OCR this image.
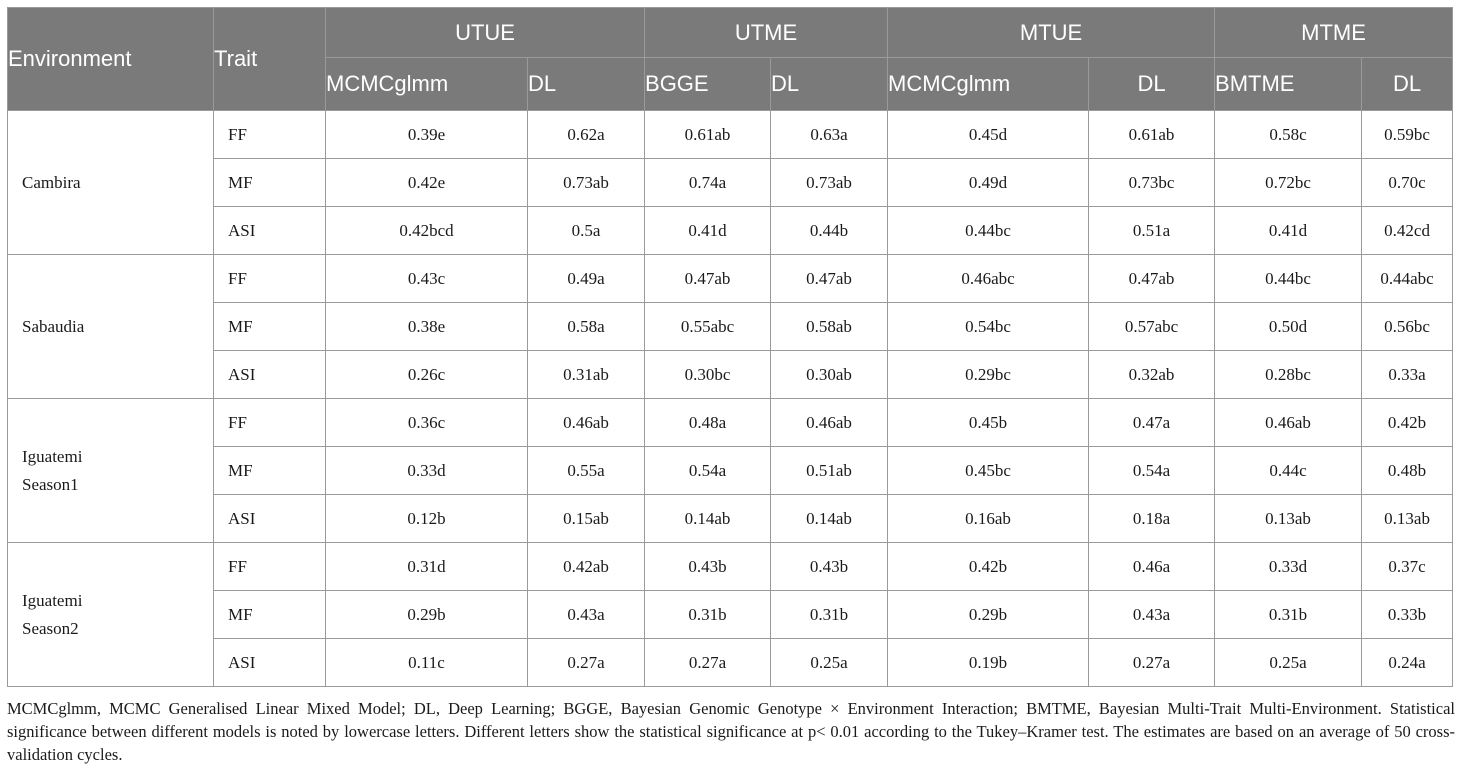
Environment	Trait	UTUE		UTME		MTUE		MTME	
		MCMCglmm	DL	BGGE	DL	MCMCglmm	DL	BMTME	DL
Cambira	FF	0.39e	0.62a	0.61ab	0.63a	0.45d	0.61ab	0.58c	0.59bc
	MF	0.42e	0.73ab	0.74a	0.73ab	0.49d	0.73bc	0.72bc	0.70c
	ASI	0.42bcd	0.5a	0.41d	0.44b	0.44bc	0.51a	0.41d	0.42cd
Sabaudia	FF	0.43c	0.49a	0.47ab	0.47ab	0.46abc	0.47ab	0.44bc	0.44abc
	MF	0.38e	0.58a	0.55abc	0.58ab	0.54bc	0.57abc	0.50d	0.56bc
	ASI	0.26c	0.31ab	0.30bc	0.30ab	0.29bc	0.32ab	0.28bc	0.33a
Iguatemi
Season1	FF	0.36c	0.46ab	0.48a	0.46ab	0.45b	0.47a	0.46ab	0.42b
	MF	0.33d	0.55a	0.54a	0.51ab	0.45bc	0.54a	0.44c	0.48b
	ASI	0.12b	0.15ab	0.14ab	0.14ab	0.16ab	0.18a	0.13ab	0.13ab
Iguatemi
Season2	FF	0.31d	0.42ab	0.43b	0.43b	0.42b	0.46a	0.33d	0.37c
	MF	0.29b	0.43a	0.31b	0.31b	0.29b	0.43a	0.31b	0.33b
	ASI	0.11c	0.27a	0.27a	0.25a	0.19b	0.27a	0.25a	0.24a

MCMCglmm, MCMC Generalised Linear Mixed Model; DL, Deep Learning; BGGE, Bayesian Genomic Genotype × Environment Interaction; BMTME, Bayesian Multi-Trait Multi-Environment. Statistical significance between different models is noted by lowercase letters. Different letters show the statistical significance at p< 0.01 according to the Tukey–Kramer test. The estimates are based on an average of 50 cross-validation cycles.
